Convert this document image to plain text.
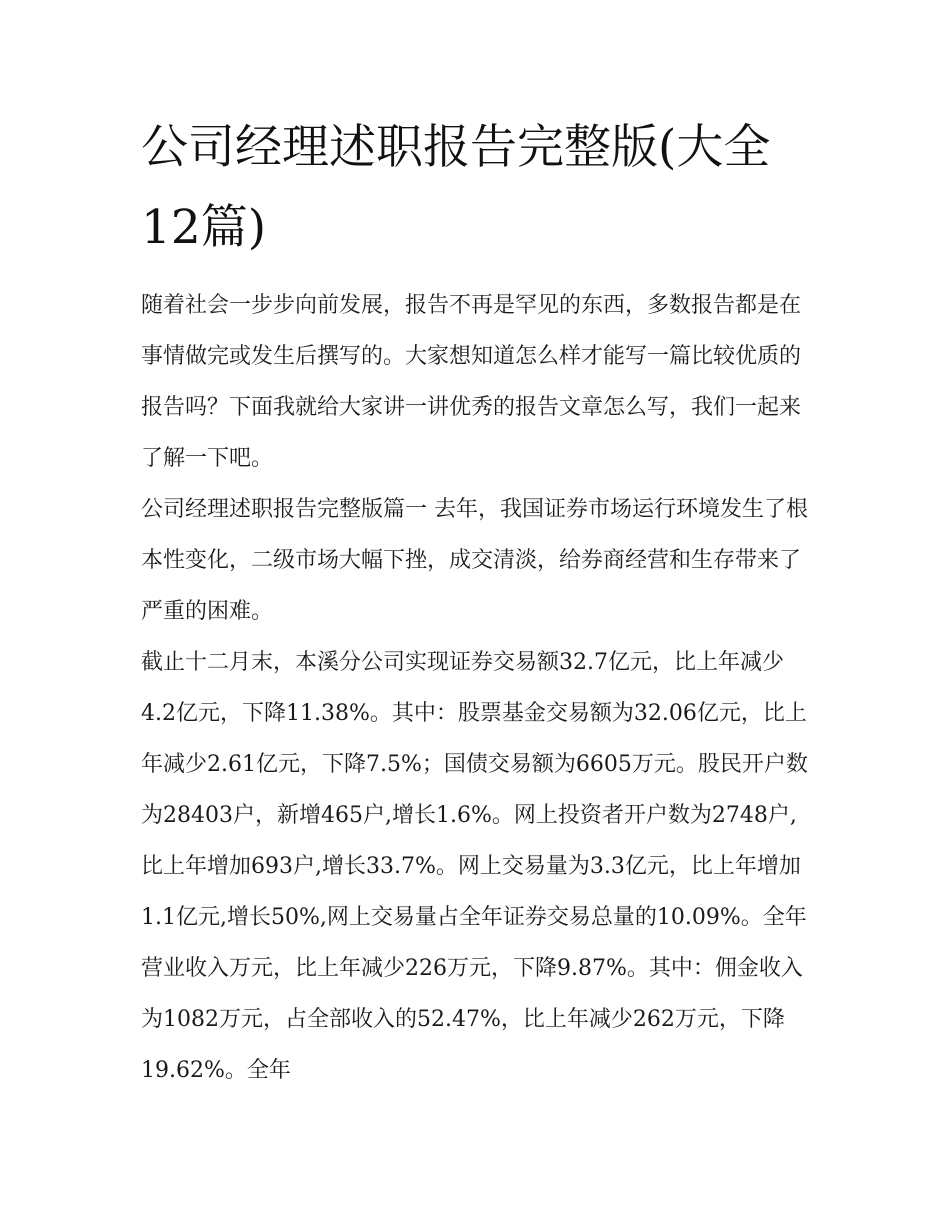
公司经理述职报告完整版(大全12篇)

随着社会一步步向前发展，报告不再是罕见的东西，多数报告都是在事情做完或发生后撰写的。大家想知道怎么样才能写一篇比较优质的报告吗？下面我就给大家讲一讲优秀的报告文章怎么写，我们一起来了解一下吧。

公司经理述职报告完整版篇一 去年，我国证券市场运行环境发生了根本性变化，二级市场大幅下挫，成交清淡，给券商经营和生存带来了严重的困难。

截止十二月末，本溪分公司实现证券交易额32.7亿元，比上年减少4.2亿元，下降11.38%。其中：股票基金交易额为32.06亿元，比上年减少2.61亿元，下降7.5%；国债交易额为6605万元。股民开户数为28403户，新增465户,增长1.6%。网上投资者开户数为2748户,比上年增加693户,增长33.7%。网上交易量为3.3亿元，比上年增加1.1亿元,增长50%,网上交易量占全年证券交易总量的10.09%。全年营业收入万元，比上年减少226万元，下降9.87%。其中：佣金收入为1082万元，占全部收入的52.47%，比上年减少262万元，下降19.62%。全年
